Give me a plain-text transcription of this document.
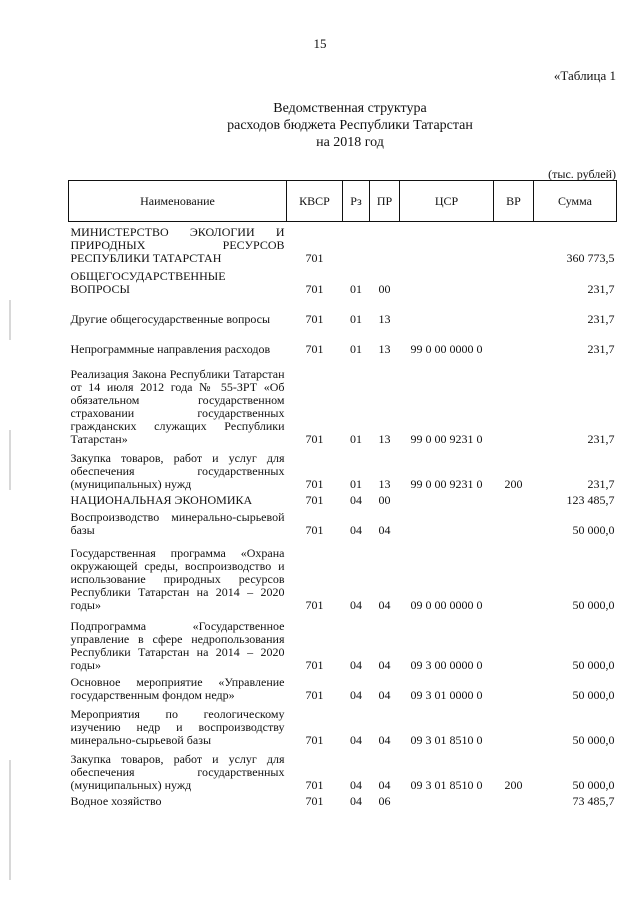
15
«Таблица 1
Ведомственная структура
расходов бюджета Республики Татарстан
на 2018 год
(тыс. рублей)
Наименование	КВСР	Рз	ПР	ЦСР	ВР	Сумма
МИНИСТЕРСТВО ЭКОЛОГИИ И ПРИРОДНЫХ РЕСУРСОВ РЕСПУБЛИКИ ТАТАРСТАН	701					360 773,5
ОБЩЕГОСУДАРСТВЕННЫЕ ВОПРОСЫ	701	01	00			231,7
Другие общегосударственные вопросы	701	01	13			231,7
Непрограммные направления расходов	701	01	13	99 0 00 0000 0		231,7
Реализация Закона Республики Татарстан от 14 июля 2012 года № 55-ЗРТ «Об обязательном государственном страховании государственных гражданских служащих Республики Татарстан»	701	01	13	99 0 00 9231 0		231,7
Закупка товаров, работ и услуг для обеспечения государственных (муниципальных) нужд	701	01	13	99 0 00 9231 0	200	231,7
НАЦИОНАЛЬНАЯ ЭКОНОМИКА	701	04	00			123 485,7
Воспроизводство минерально-сырьевой базы	701	04	04			50 000,0
Государственная программа «Охрана окружающей среды, воспроизводство и использование природных ресурсов Республики Татарстан на 2014 – 2020 годы»	701	04	04	09 0 00 0000 0		50 000,0
Подпрограмма «Государственное управление в сфере недропользования Республики Татарстан на 2014 – 2020 годы»	701	04	04	09 3 00 0000 0		50 000,0
Основное мероприятие «Управление государственным фондом недр»	701	04	04	09 3 01 0000 0		50 000,0
Мероприятия по геологическому изучению недр и воспроизводству минерально-сырьевой базы	701	04	04	09 3 01 8510 0		50 000,0
Закупка товаров, работ и услуг для обеспечения государственных (муниципальных) нужд	701	04	04	09 3 01 8510 0	200	50 000,0
Водное хозяйство	701	04	06			73 485,7
